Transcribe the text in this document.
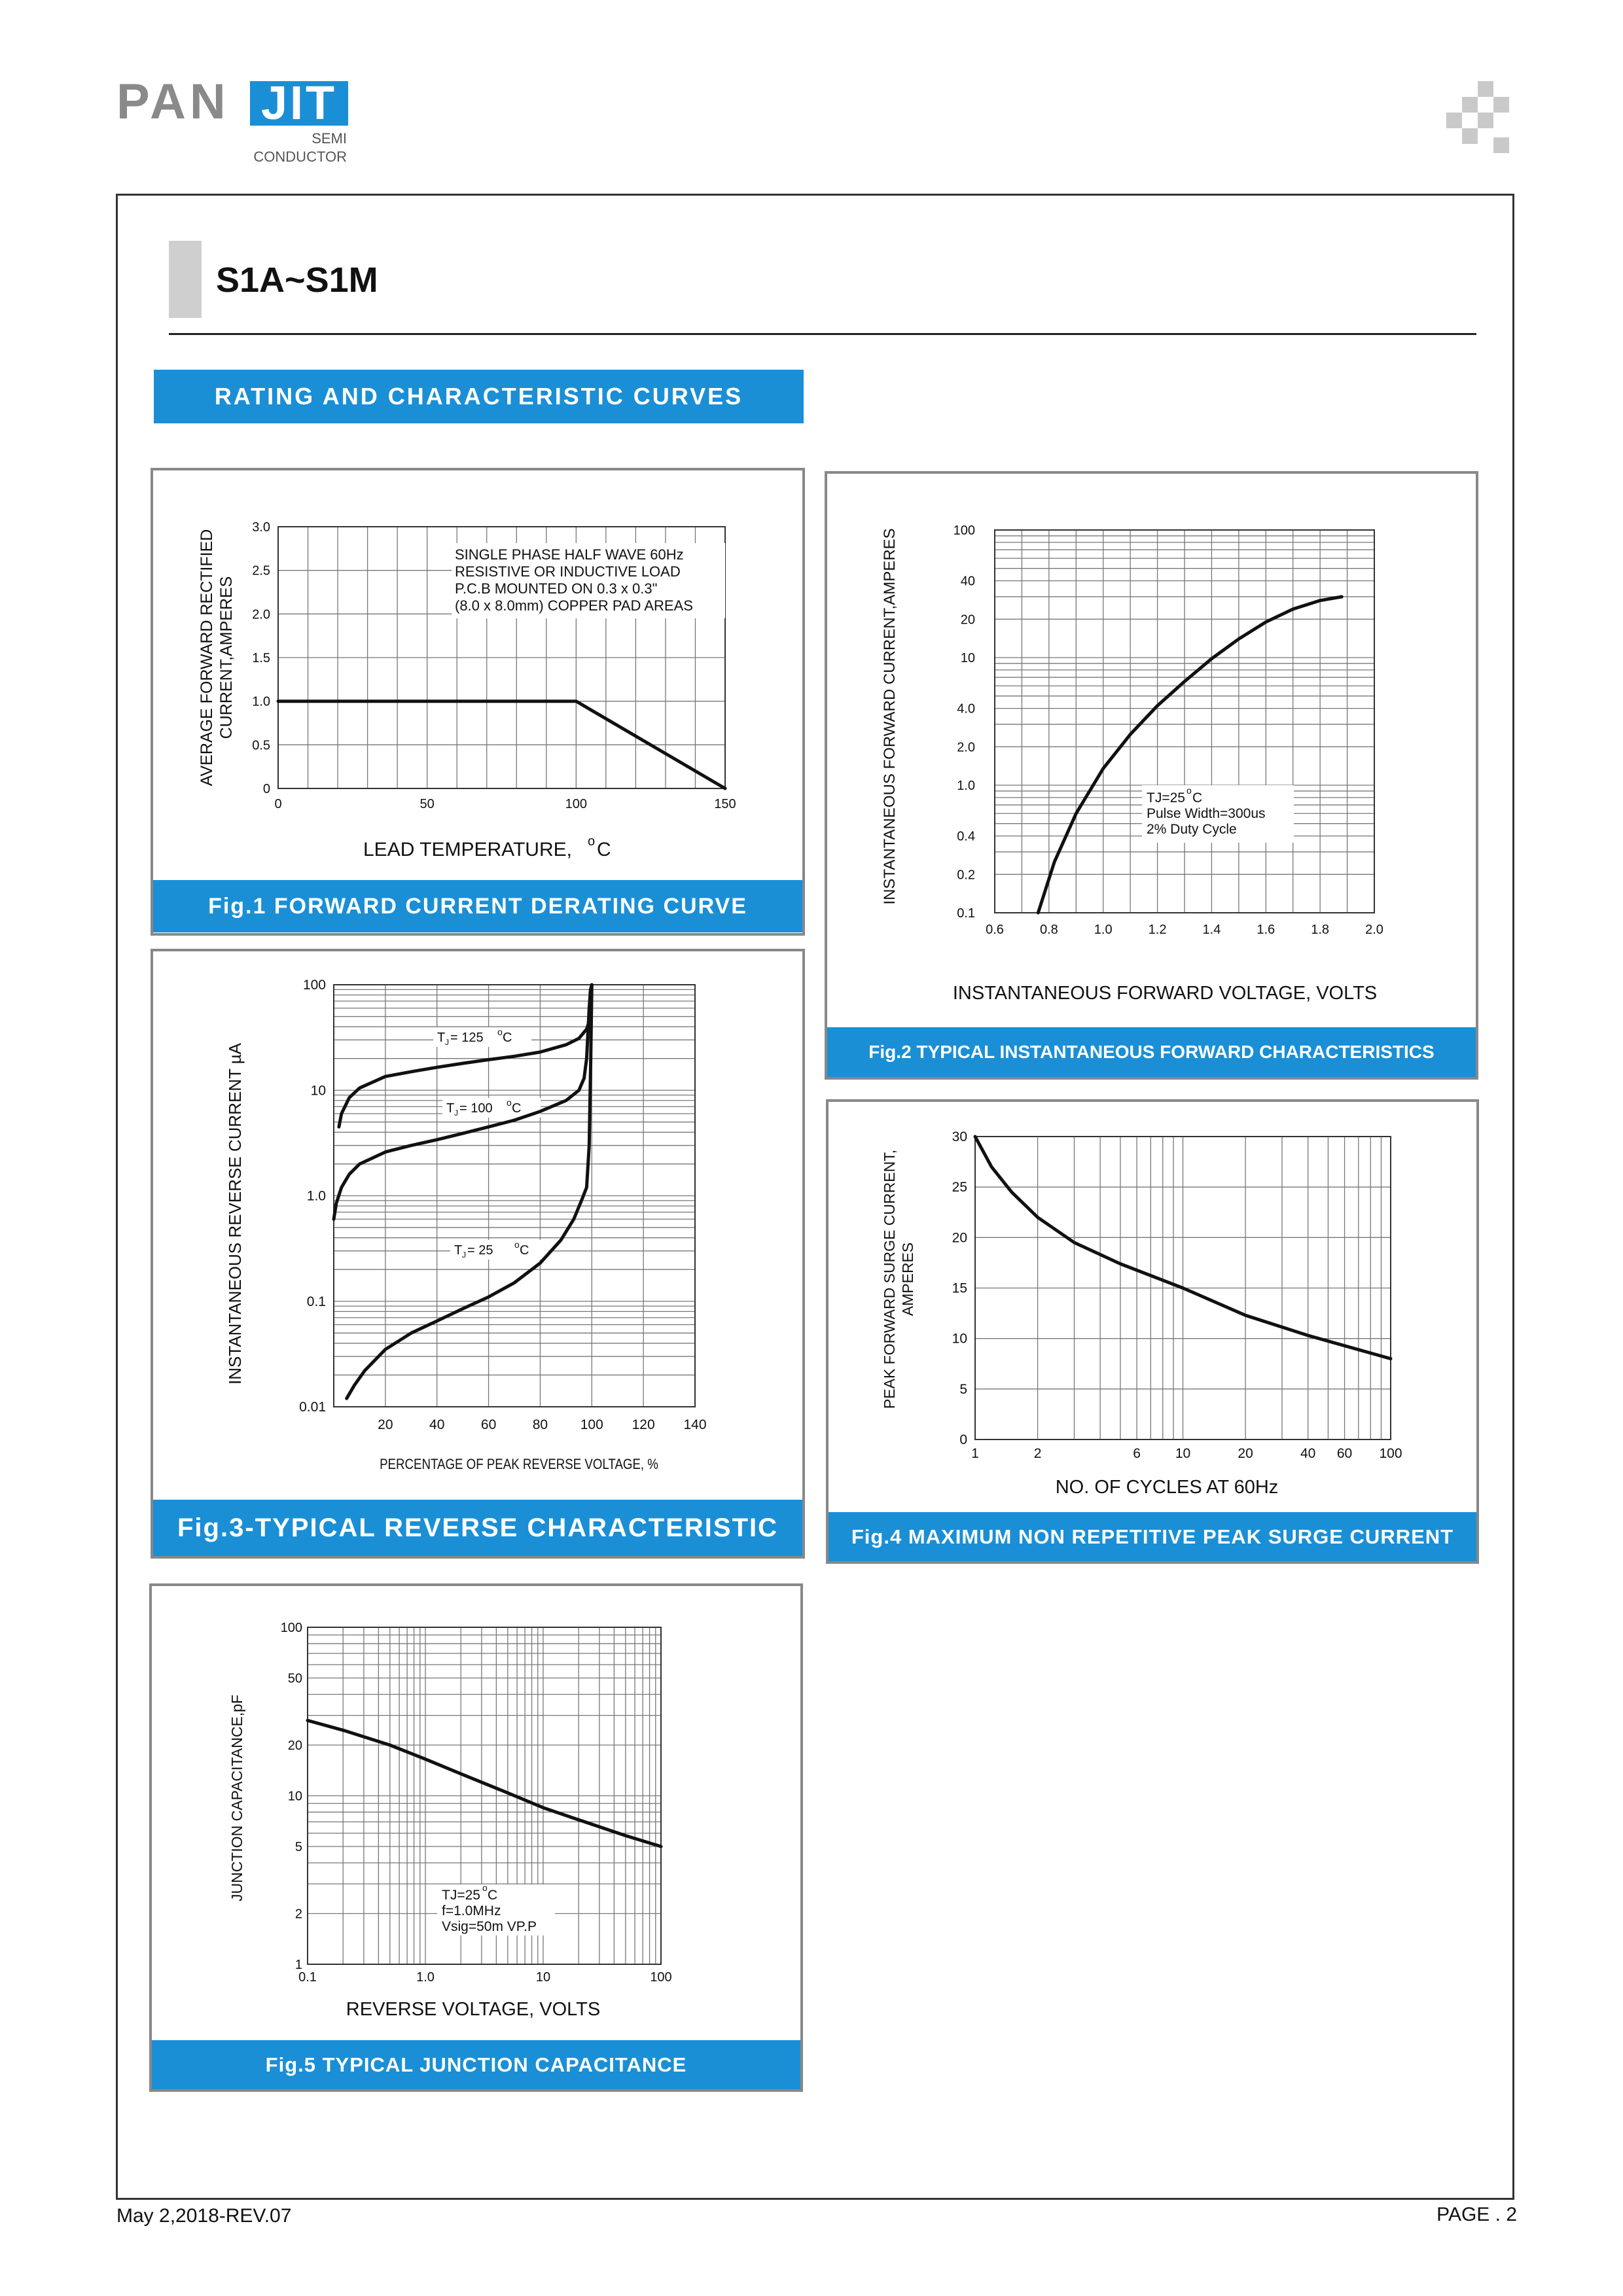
PAN JIT
SEMI
CONDUCTOR
S1A~S1M
RATING AND CHARACTERISTIC CURVES
Fig.1 FORWARD CURRENT DERATING CURVE
0
0.5
1.0
1.5
2.0
2.5
3.0
0	50	100	150
SINGLE PHASE HALF WAVE 60Hz
RESISTIVE OR INDUCTIVE LOAD
P.C.B MOUNTED ON 0.3 x 0.3"
(8.0 x 8.0mm) COPPER PAD AREAS
LEAD TEMPERATURE, o C
AVERAGE FORWARD RECTIFIED CURRENT,AMPERES
Fig.2 TYPICAL INSTANTANEOUS FORWARD CHARACTERISTICS
0.1
0.2
0.4
1.0
2.0
4.0
10
20
40
100
0.6	0.8	1.0	1.2	1.4	1.6	1.8	2.0
TJ=25 o C
Pulse Width=300us
2% Duty Cycle
INSTANTANEOUS FORWARD VOLTAGE, VOLTS
INSTANTANEOUS FORWARD CURRENT,AMPERES
Fig.3-TYPICAL REVERSE CHARACTERISTIC
0.01
0.1
1.0
10
100
20	40	60	80 100 120 140
T J = 125 o C
T J = 100 o C
T J = 25 o C
PERCENTAGE OF PEAK REVERSE VOLTAGE, %
INSTANTANEOUS REVERSE CURRENT µA
Fig.4 MAXIMUM NON REPETITIVE PEAK SURGE CURRENT
0
5
10
15
20
25
30
1	2	6	10	20	40 60 100
NO. OF CYCLES AT 60Hz
PEAK FORWARD SURGE CURRENT, AMPERES
Fig.5 TYPICAL JUNCTION CAPACITANCE
1
2
5
10
20
50
100
0.1	1.0	10	100
TJ=25 o C
f=1.0MHz
Vsig=50m VP.P
REVERSE VOLTAGE, VOLTS
JUNCTION CAPACITANCE,pF
May 2,2018-REV.07	PAGE . 2
